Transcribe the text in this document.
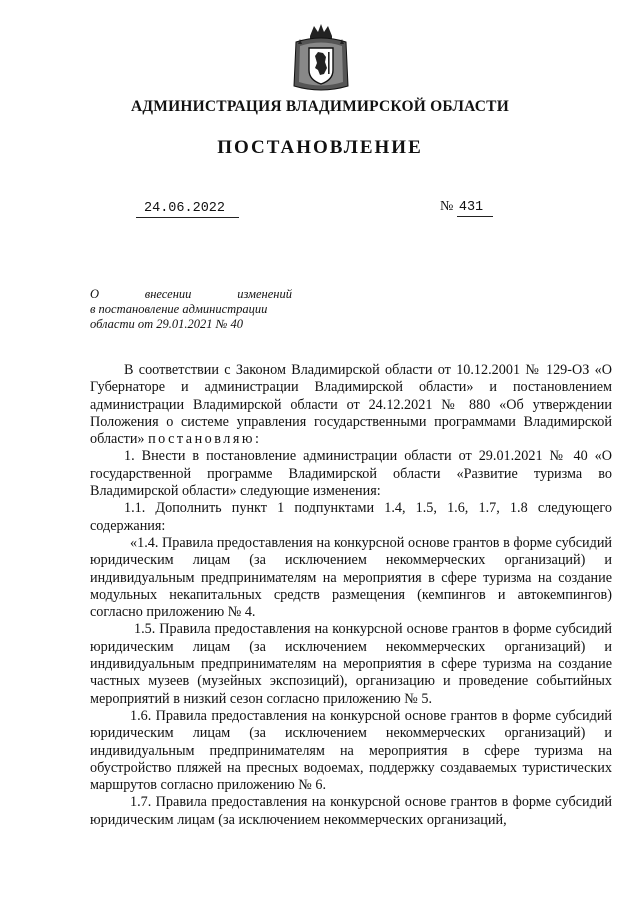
АДМИНИСТРАЦИЯ ВЛАДИМИРСКОЙ ОБЛАСТИ
ПОСТАНОВЛЕНИЕ
24.06.2022	№ 431
О	внесении	изменений
в постановление администрации
области от 29.01.2021 № 40

В соответствии с Законом Владимирской области от 10.12.2001 № 129-ОЗ «О Губернаторе и администрации Владимирской области» и постановлением администрации Владимирской области от 24.12.2021 № 880 «Об утверждении Положения о системе управления государственными программами Владимирской области» постановляю:

1. Внести в постановление администрации области от 29.01.2021 № 40 «О государственной программе Владимирской области «Развитие туризма во Владимирской области» следующие изменения:

1.1. Дополнить пункт 1 подпунктами 1.4, 1.5, 1.6, 1.7, 1.8 следующего содержания:

«1.4. Правила предоставления на конкурсной основе грантов в форме субсидий юридическим лицам (за исключением некоммерческих организаций) и индивидуальным предпринимателям на мероприятия в сфере туризма на создание модульных некапитальных средств размещения (кемпингов и автокемпингов) согласно приложению № 4.

1.5. Правила предоставления на конкурсной основе грантов в форме субсидий юридическим лицам (за исключением некоммерческих организаций) и индивидуальным предпринимателям на мероприятия в сфере туризма на создание частных музеев (музейных экспозиций), организацию и проведение событийных мероприятий в низкий сезон согласно приложению № 5.

1.6. Правила предоставления на конкурсной основе грантов в форме субсидий юридическим лицам (за исключением некоммерческих организаций) и индивидуальным предпринимателям на мероприятия в сфере туризма на обустройство пляжей на пресных водоемах, поддержку создаваемых туристических маршрутов согласно приложению № 6.

1.7. Правила предоставления на конкурсной основе грантов в форме субсидий юридическим лицам (за исключением некоммерческих организаций,
